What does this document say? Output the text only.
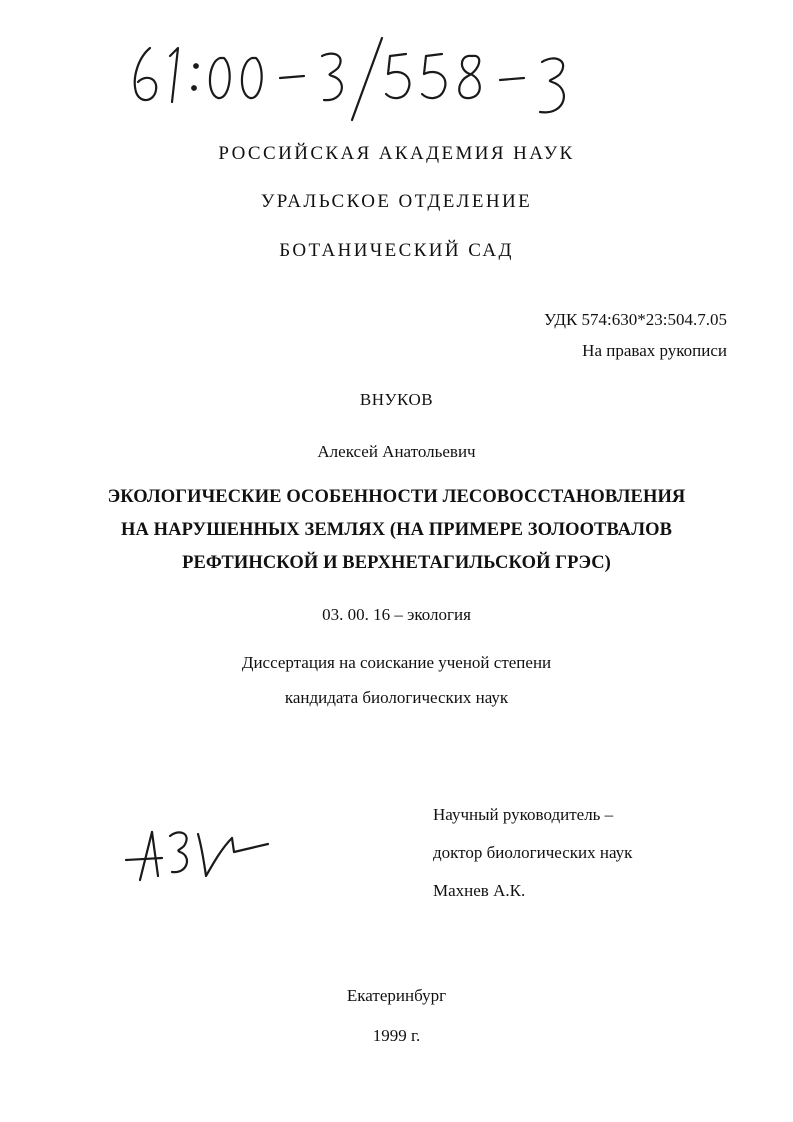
РОССИЙСКАЯ АКАДЕМИЯ НАУК
УРАЛЬСКОЕ ОТДЕЛЕНИЕ
БОТАНИЧЕСКИЙ САД
УДК 574:630*23:504.7.05
На правах рукописи
ВНУКОВ
Алексей Анатольевич
ЭКОЛОГИЧЕСКИЕ ОСОБЕННОСТИ ЛЕСОВОССТАНОВЛЕНИЯ
НА НАРУШЕННЫХ ЗЕМЛЯХ (НА ПРИМЕРЕ ЗОЛООТВАЛОВ
РЕФТИНСКОЙ И ВЕРХНЕТАГИЛЬСКОЙ ГРЭС)
03. 00. 16 – экология
Диссертация на соискание ученой степени
кандидата биологических наук
Научный руководитель –
доктор биологических наук
Махнев А.К.
Екатеринбург
1999 г.
